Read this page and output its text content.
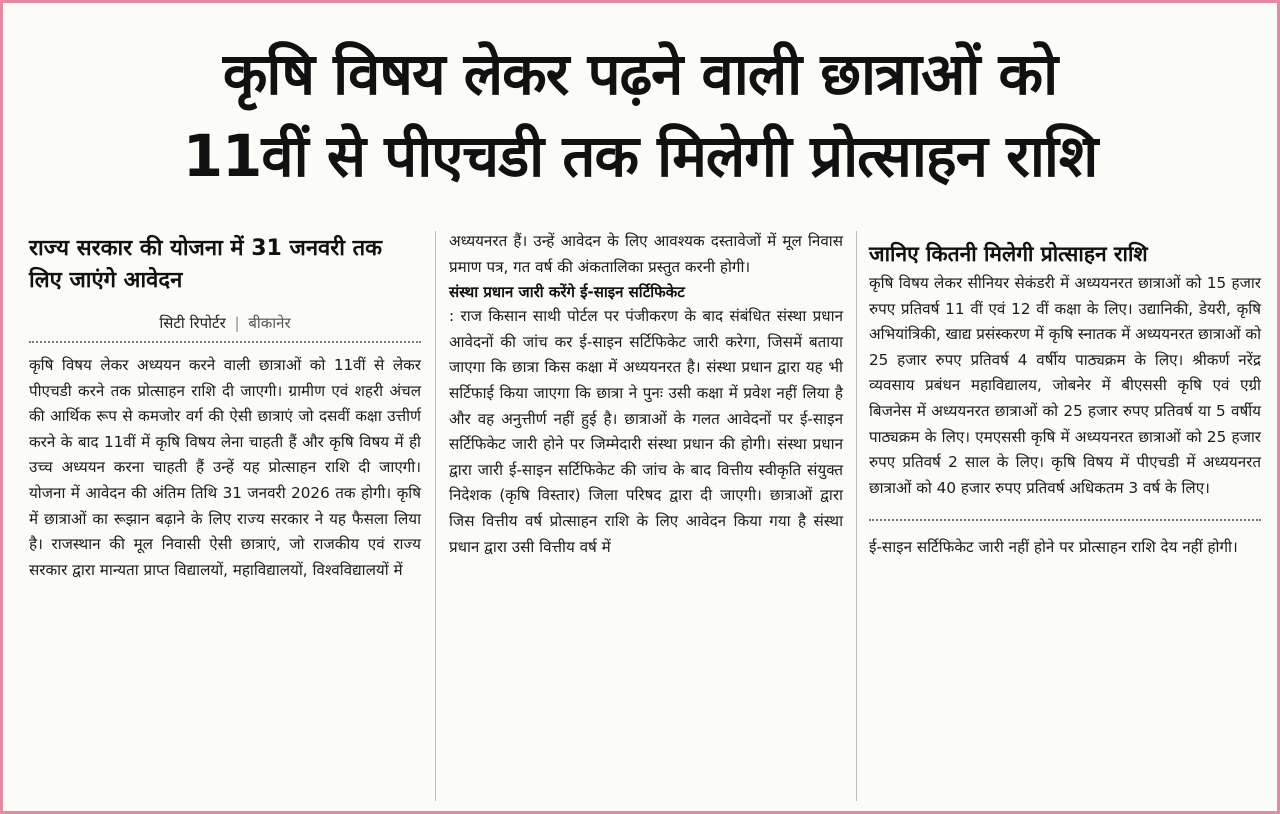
कृषि विषय लेकर पढ़ने वाली छात्राओं को
11वीं से पीएचडी तक मिलेगी प्रोत्साहन राशि
राज्य सरकार की योजना में 31 जनवरी तक लिए जाएंगे आवेदन
सिटी रिपोर्टर | बीकानेर

कृषि विषय लेकर अध्ययन करने वाली छात्राओं को 11वीं से लेकर पीएचडी करने तक प्रोत्साहन राशि दी जाएगी। ग्रामीण एवं शहरी अंचल की आर्थिक रूप से कमजोर वर्ग की ऐसी छात्राएं जो दसवीं कक्षा उत्तीर्ण करने के बाद 11वीं में कृषि विषय लेना चाहती हैं और कृषि विषय में ही उच्च अध्ययन करना चाहती हैं उन्हें यह प्रोत्साहन राशि दी जाएगी। योजना में आवेदन की अंतिम तिथि 31 जनवरी 2026 तक होगी। कृषि में छात्राओं का रूझान बढ़ाने के लिए राज्य सरकार ने यह फैसला लिया है। राजस्थान की मूल निवासी ऐसी छात्राएं, जो राजकीय एवं राज्य सरकार द्वारा मान्यता प्राप्त विद्यालयों, महाविद्यालयों, विश्वविद्यालयों में

अध्ययनरत हैं। उन्हें आवेदन के लिए आवश्यक दस्तावेजों में मूल निवास प्रमाण पत्र, गत वर्ष की अंकतालिका प्रस्तुत करनी होगी।

संस्था प्रधान जारी करेंगे ई-साइन सर्टिफिकेट

: राज किसान साथी पोर्टल पर पंजीकरण के बाद संबंधित संस्था प्रधान आवेदनों की जांच कर ई-साइन सर्टिफिकेट जारी करेगा, जिसमें बताया जाएगा कि छात्रा किस कक्षा में अध्ययनरत है। संस्था प्रधान द्वारा यह भी सर्टिफाई किया जाएगा कि छात्रा ने पुनः उसी कक्षा में प्रवेश नहीं लिया है और वह अनुत्तीर्ण नहीं हुई है। छात्राओं के गलत आवेदनों पर ई-साइन सर्टिफिकेट जारी होने पर जिम्मेदारी संस्था प्रधान की होगी। संस्था प्रधान द्वारा जारी ई-साइन सर्टिफिकेट की जांच के बाद वित्तीय स्वीकृति संयुक्त निदेशक (कृषि विस्तार) जिला परिषद द्वारा दी जाएगी। छात्राओं द्वारा जिस वित्तीय वर्ष प्रोत्साहन राशि के लिए आवेदन किया गया है संस्था प्रधान द्वारा उसी वित्तीय वर्ष में

जानिए कितनी मिलेगी प्रोत्साहन राशि

कृषि विषय लेकर सीनियर सेकंडरी में अध्ययनरत छात्राओं को 15 हजार रुपए प्रतिवर्ष 11 वीं एवं 12 वीं कक्षा के लिए। उद्यानिकी, डेयरी, कृषि अभियांत्रिकी, खाद्य प्रसंस्करण में कृषि स्नातक में अध्ययनरत छात्राओं को 25 हजार रुपए प्रतिवर्ष 4 वर्षीय पाठ्यक्रम के लिए। श्रीकर्ण नरेंद्र व्यवसाय प्रबंधन महाविद्यालय, जोबनेर में बीएससी कृषि एवं एग्री बिजनेस में अध्ययनरत छात्राओं को 25 हजार रुपए प्रतिवर्ष या 5 वर्षीय पाठ्यक्रम के लिए। एमएससी कृषि में अध्ययनरत छात्राओं को 25 हजार रुपए प्रतिवर्ष 2 साल के लिए। कृषि विषय में पीएचडी में अध्ययनरत छात्राओं को 40 हजार रुपए प्रतिवर्ष अधिकतम 3 वर्ष के लिए।

ई-साइन सर्टिफिकेट जारी नहीं होने पर प्रोत्साहन राशि देय नहीं होगी।
